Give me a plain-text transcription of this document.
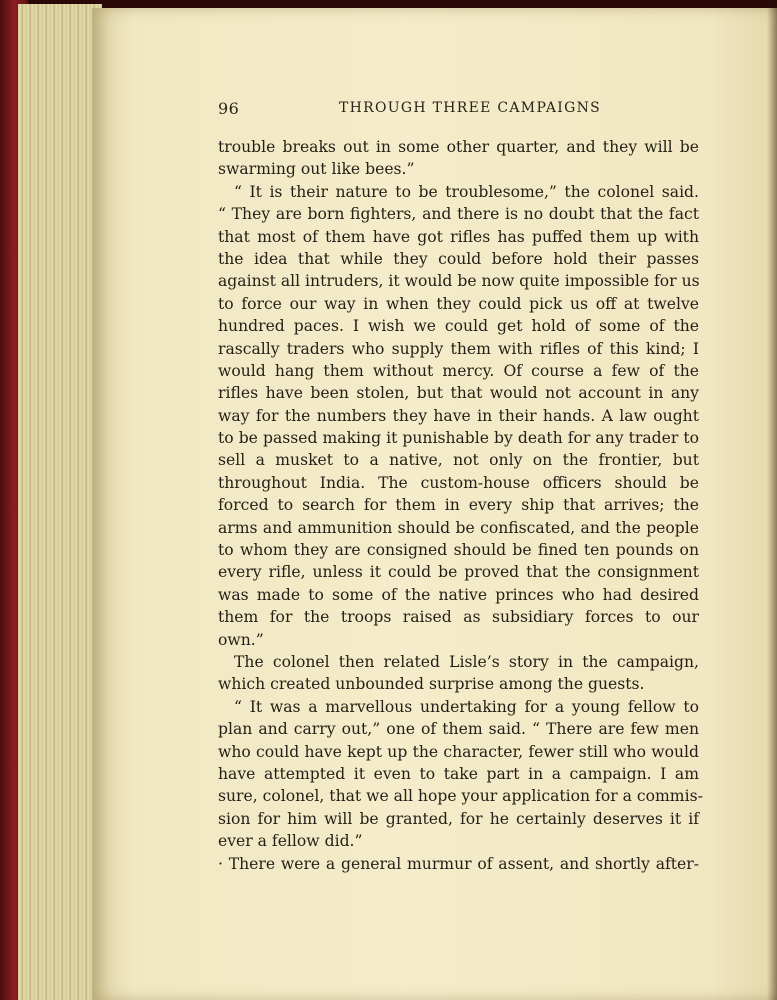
96	THROUGH THREE CAMPAIGNS
trouble breaks out in some other quarter, and they will be
swarming out like bees.”
“ It is their nature to be troublesome,” the colonel said.
“ They are born fighters, and there is no doubt that the fact
that most of them have got rifles has puffed them up with
the idea that while they could before hold their passes
against all intruders, it would be now quite impossible for us
to force our way in when they could pick us off at twelve
hundred paces. I wish we could get hold of some of the
rascally traders who supply them with rifles of this kind; I
would hang them without mercy. Of course a few of the
rifles have been stolen, but that would not account in any
way for the numbers they have in their hands. A law ought
to be passed making it punishable by death for any trader to
sell a musket to a native, not only on the frontier, but
throughout India. The custom-house officers should be
forced to search for them in every ship that arrives; the
arms and ammunition should be confiscated, and the people
to whom they are consigned should be fined ten pounds on
every rifle, unless it could be proved that the consignment
was made to some of the native princes who had desired
them for the troops raised as subsidiary forces to our
own.”
The colonel then related Lisle’s story in the campaign,
which created unbounded surprise among the guests.
“ It was a marvellous undertaking for a young fellow to
plan and carry out,” one of them said. “ There are few men
who could have kept up the character, fewer still who would
have attempted it even to take part in a campaign. I am
sure, colonel, that we all hope your application for a commis-
sion for him will be granted, for he certainly deserves it if
ever a fellow did.”
· There were a general murmur of assent, and shortly after-
